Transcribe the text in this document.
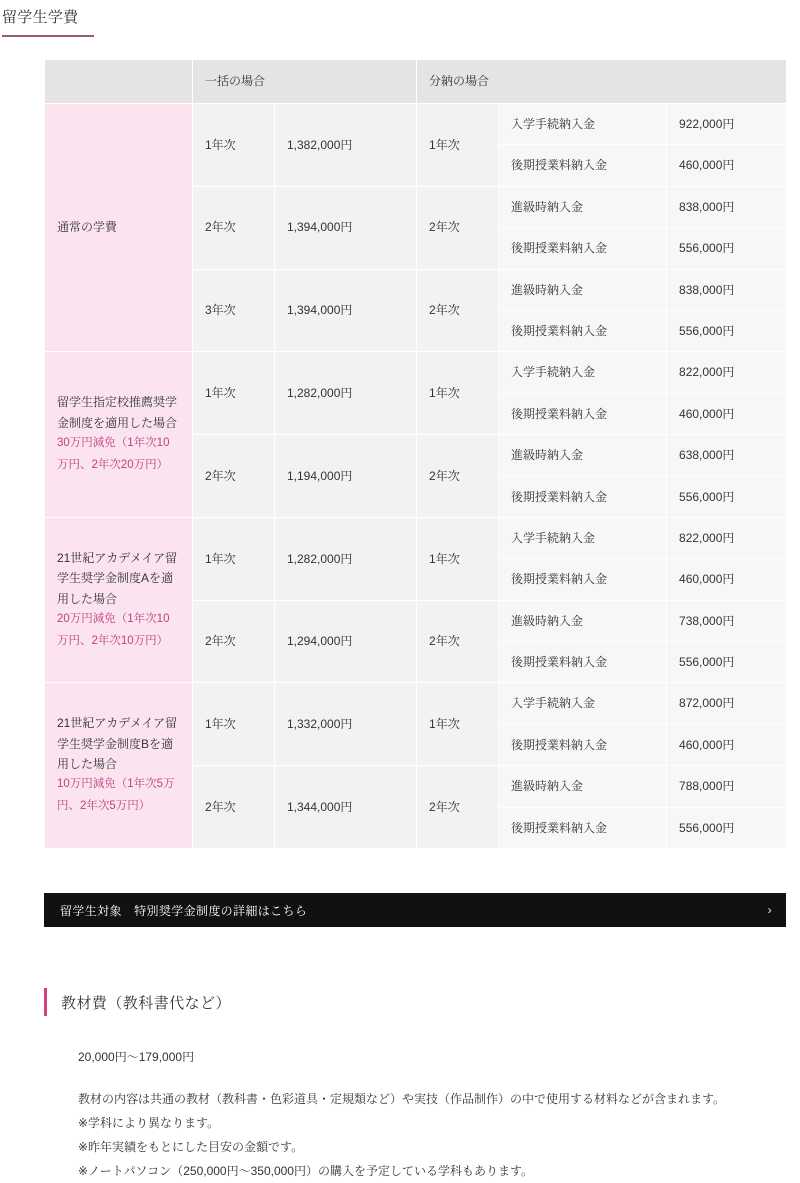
留学生学費
	一括の場合		分納の場合		
通常の学費	1年次	1,382,000円	1年次	入学手続納入金	922,000円
				後期授業料納入金	460,000円
	2年次	1,394,000円	2年次	進級時納入金	838,000円
				後期授業料納入金	556,000円
	3年次	1,394,000円	2年次	進級時納入金	838,000円
				後期授業料納入金	556,000円
留学生指定校推薦奨学金制度を適用した場合
30万円減免（1年次10万円、2年次20万円）	1年次	1,282,000円	1年次	入学手続納入金	822,000円
				後期授業料納入金	460,000円
	2年次	1,194,000円	2年次	進級時納入金	638,000円
				後期授業料納入金	556,000円
21世紀アカデメイア留学生奨学金制度Aを適用した場合
20万円減免（1年次10万円、2年次10万円）	1年次	1,282,000円	1年次	入学手続納入金	822,000円
				後期授業料納入金	460,000円
	2年次	1,294,000円	2年次	進級時納入金	738,000円
				後期授業料納入金	556,000円
21世紀アカデメイア留学生奨学金制度Bを適用した場合
10万円減免（1年次5万円、2年次5万円）	1年次	1,332,000円	1年次	入学手続納入金	872,000円
				後期授業料納入金	460,000円
	2年次	1,344,000円	2年次	進級時納入金	788,000円
				後期授業料納入金	556,000円
留学生対象　特別奨学金制度の詳細はこちら	›
教材費（教科書代など）
20,000円〜179,000円

教材の内容は共通の教材（教科書・色彩道具・定規類など）や実技（作品制作）の中で使用する材料などが含まれます。

※学科により異なります。

※昨年実績をもとにした目安の金額です。

※ノートパソコン（250,000円〜350,000円）の購入を予定している学科もあります。
